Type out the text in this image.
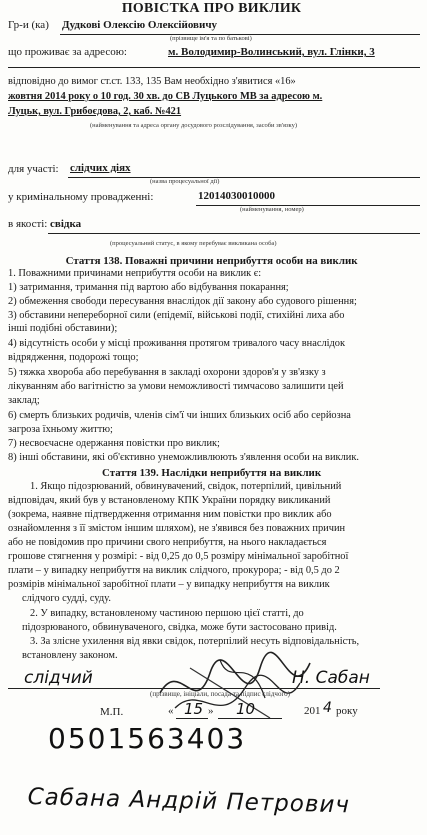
ПОВІСТКА ПРО ВИКЛИК
Гр-и (ка) Дудкові Олексію Олексійовичу
(прізвище ім'я та по батькові)
що проживає за адресою:	м. Володимир-Волинський, вул. Глінки, 3
відповідно до вимог ст.ст. 133, 135 Вам необхідно з'явитися «16»
жовтня 2014 року о 10 год. 30 хв. до СВ Луцького МВ за адресою м.
Луцьк, вул. Грибоєдова, 2, каб. №421
(найменування та адреса органу досудового розслідування, засоби зв'язку)
для участі: слідчих діях
(назва процесуальної дії)
у кримінальному провадженні:	12014030010000
(найменування, номер)
в якості: свідка
(процесуальний статус, в якому перебуває викликана особа)
Стаття 138. Поважні причини неприбуття особи на виклик
1. Поважними причинами неприбуття особи на виклик є:
1) затримання, тримання під вартою або відбування покарання;
2) обмеження свободи пересування внаслідок дії закону або судового рішення;
3) обставини непереборної сили (епідемії, військові події, стихійні лиха або
інші подібні обставини);
4) відсутність особи у місці проживання протягом тривалого часу внаслідок
відрядження, подорожі тощо;
5) тяжка хвороба або перебування в закладі охорони здоров'я у зв'язку з
лікуванням або вагітністю за умови неможливості тимчасово залишити цей
заклад;
6) смерть близьких родичів, членів сім'ї чи інших близьких осіб або серйозна
загроза їхньому життю;
7) несвоєчасне одержання повістки про виклик;
8) інші обставини, які об'єктивно унеможливлюють з'явлення особи на виклик.
Стаття 139. Наслідки неприбуття на виклик
1. Якщо підозрюваний, обвинувачений, свідок, потерпілий, цивільний
відповідач, який був у встановленому КПК України порядку викликаний
(зокрема, наявне підтвердження отримання ним повістки про виклик або
ознайомлення з її змістом іншим шляхом), не з'явився без поважних причин
або не повідомив про причини свого неприбуття, на нього накладається
грошове стягнення у розмірі: - від 0,25 до 0,5 розміру мінімальної заробітної
плати – у випадку неприбуття на виклик слідчого, прокурора; - від 0,5 до 2
розмірів мінімальної заробітної плати – у випадку неприбуття на виклик
слідчого судді, суду.
2. У випадку, встановленому частиною першою цієї статті, до
підозрюваного, обвинуваченого, свідка, може бути застосовано привід.
3. За злісне ухилення від явки свідок, потерпілий несуть відповідальність,
встановлену законом.
слідчий	Н. Сабан
(прізвище, ініціали, посада та підпис слідчого)
М.П.	« 15 » 10	201 4 року
0501563403
Сабана Андрій Петрович
